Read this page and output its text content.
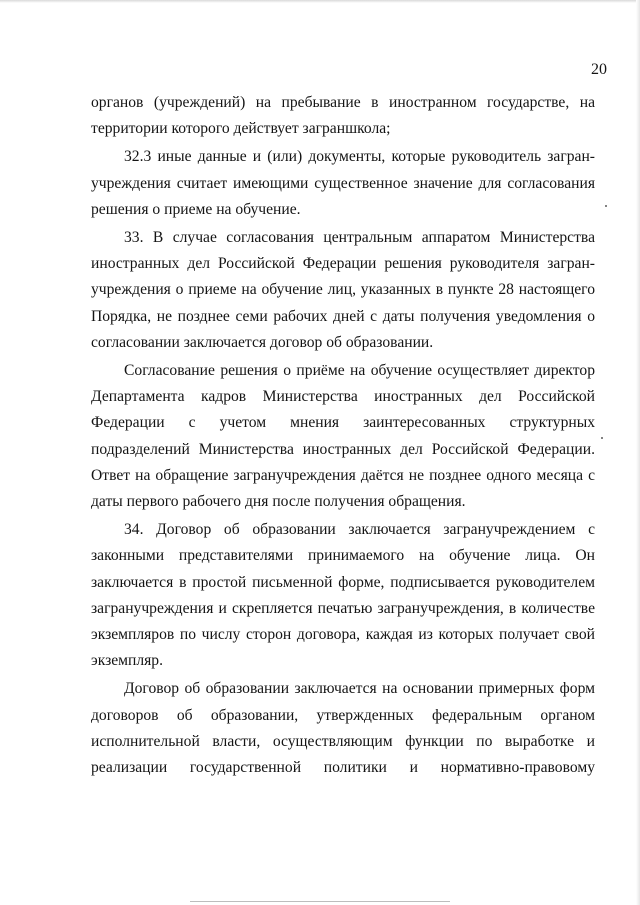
20

органов (учреждений) на пребывание в иностранном государстве, на территории которого действует заграншкола;

32.3 иные данные и (или) документы, которые руководитель загранучреждения считает имеющими существенное значение для согласования решения о приеме на обучение.

33. В случае согласования центральным аппаратом Министерства иностранных дел Российской Федерации решения руководителя загранучреждения о приеме на обучение лиц, указанных в пункте 28 настоящего Порядка, не позднее семи рабочих дней с даты получения уведомления о согласовании заключается договор об образовании.

Согласование решения о приёме на обучение осуществляет директор Департамента кадров Министерства иностранных дел Российской Федерации с учетом мнения заинтересованных структурных подразделений Министерства иностранных дел Российской Федерации. Ответ на обращение загранучреждения даётся не позднее одного месяца с даты первого рабочего дня после получения обращения.

34. Договор об образовании заключается загранучреждением с законными представителями принимаемого на обучение лица. Он заключается в простой письменной форме, подписывается руководителем загранучреждения и скрепляется печатью загранучреждения, в количестве экземпляров по числу сторон договора, каждая из которых получает свой экземпляр.

Договор об образовании заключается на основании примерных форм договоров об образовании, утвержденных федеральным органом исполнительной власти, осуществляющим функции по выработке и реализации государственной политики и нормативно-правовому
